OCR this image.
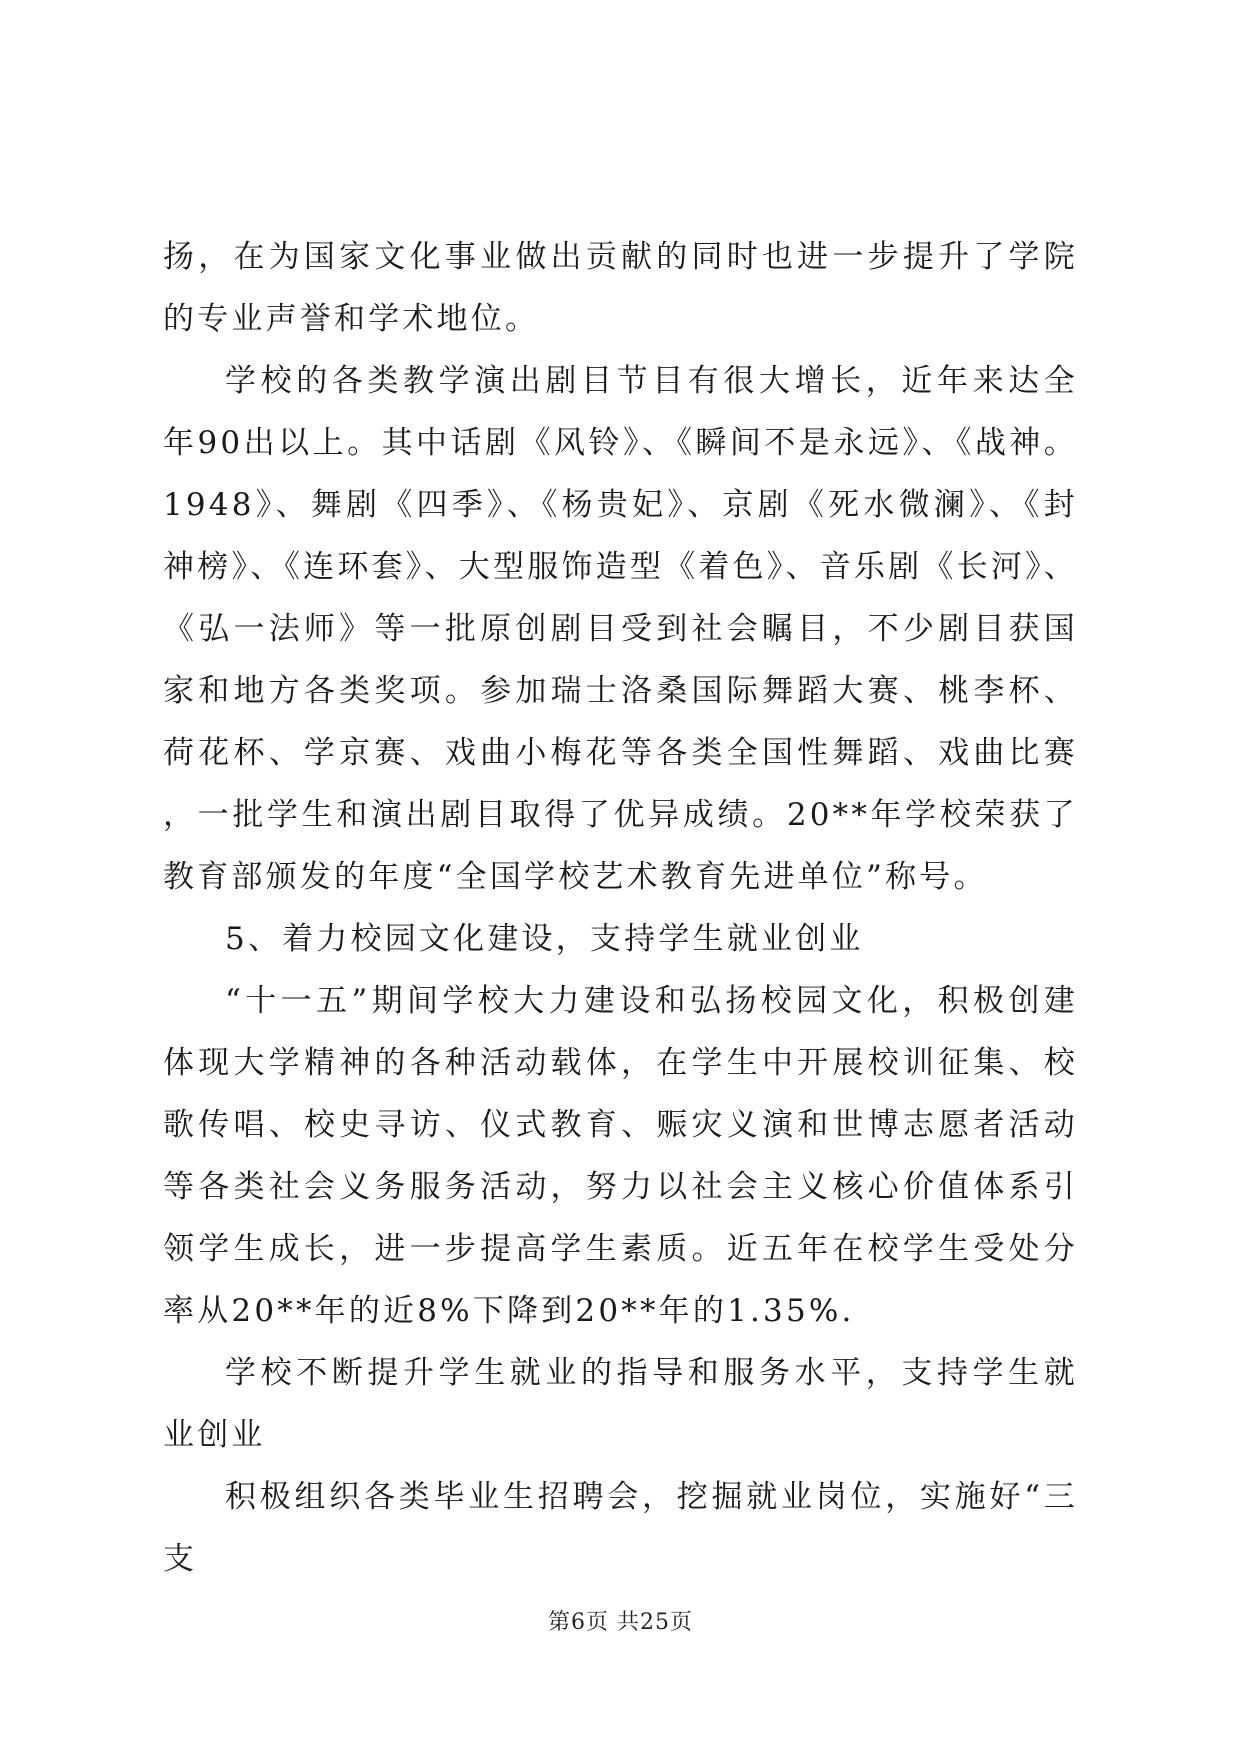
扬，在为国家文化事业做出贡献的同时也进一步提升了学院的专业声誉和学术地位。

学校的各类教学演出剧目节目有很大增长，近年来达全年90出以上。其中话剧《风铃》、《瞬间不是永远》、《战神。1948》、舞剧《四季》、《杨贵妃》、京剧《死水微澜》、《封神榜》、《连环套》、大型服饰造型《着色》、音乐剧《长河》、《弘一法师》等一批原创剧目受到社会瞩目，不少剧目获国家和地方各类奖项。参加瑞士洛桑国际舞蹈大赛、桃李杯、荷花杯、学京赛、戏曲小梅花等各类全国性舞蹈、戏曲比赛，一批学生和演出剧目取得了优异成绩。20**年学校荣获了教育部颁发的年度“全国学校艺术教育先进单位”称号。

5、着力校园文化建设，支持学生就业创业

“十一五”期间学校大力建设和弘扬校园文化，积极创建体现大学精神的各种活动载体，在学生中开展校训征集、校歌传唱、校史寻访、仪式教育、赈灾义演和世博志愿者活动等各类社会义务服务活动，努力以社会主义核心价值体系引领学生成长，进一步提高学生素质。近五年在校学生受处分率从20**年的近8%下降到20**年的1.35%.

学校不断提升学生就业的指导和服务水平，支持学生就业创业

积极组织各类毕业生招聘会，挖掘就业岗位，实施好“三支

第6页 共25页
